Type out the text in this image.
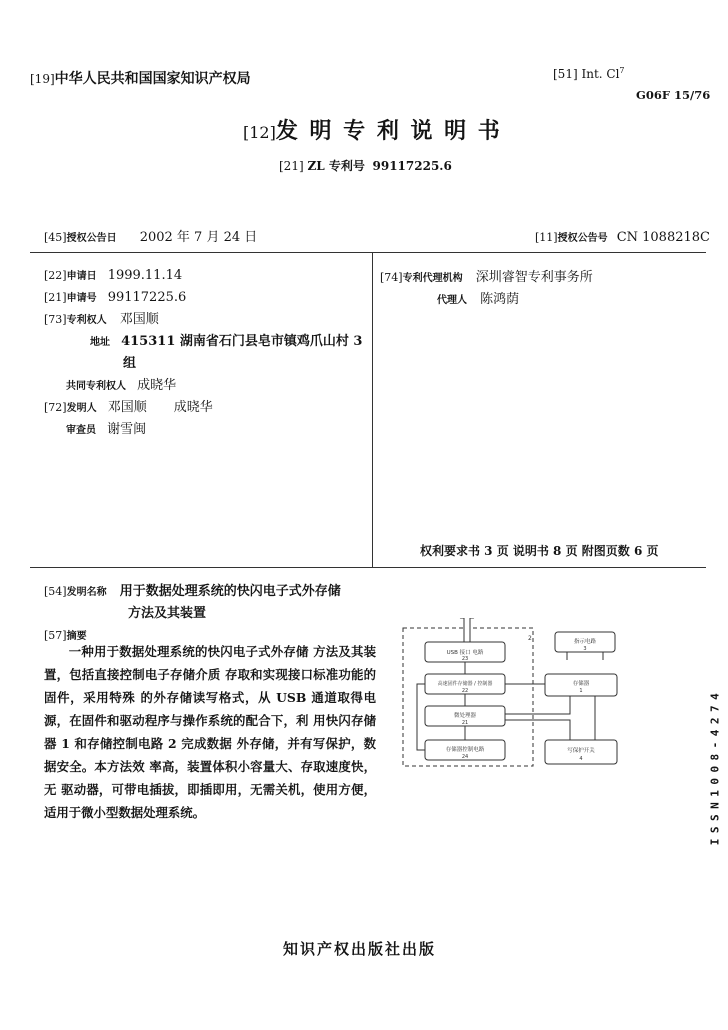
[19]中华人民共和国国家知识产权局	[51] Int. Cl$^7$
G06F 15/76
[12]发 明 专 利 说 明 书
[21] ZL 专利号 99117225.6
[45]授权公告日 2002 年 7 月 24 日	[11]授权公告号 CN 1088218C
[22]申请日 1999.11.14
[21]申请号 99117225.6
[73]专利权人 邓国顺
地址 415311 湖南省石门县皂市镇鸡爪山村 3
组
共同专利权人 成晓华
[72]发明人 邓国顺 成晓华
审查员 谢雪闽
[74]专利代理机构 深圳睿智专利事务所
代理人 陈鸿荫
权利要求书 3 页 说明书 8 页 附图页数 6 页
[54]发明名称 用于数据处理系统的快闪电子式外存储
方法及其装置
[57]摘要

一种用于数据处理系统的快闪电子式外存储 方法及其装置，包括直接控制电子存储介质 存取和实现接口标准功能的固件，采用特殊 的外存储读写格式，从 USB 通道取得电源，在固件和驱动程序与操作系统的配合下，利 用快闪存储器 1 和存储控制电路 2 完成数据 外存储，并有写保护，数据安全。本方法效 率高，装置体积小容量大、存取速度快，无 驱动器，可带电插拔，即插即用，无需关机，使用方便，适用于微小型数据处理系统。

2
USB 接口 电路
23
高速固件存储器 / 控制器
22
微处理器
21
存储器控制电路
24
指示电路
3
存储器
1
写保护开关
4	ISSN1008-4274
知识产权出版社出版
